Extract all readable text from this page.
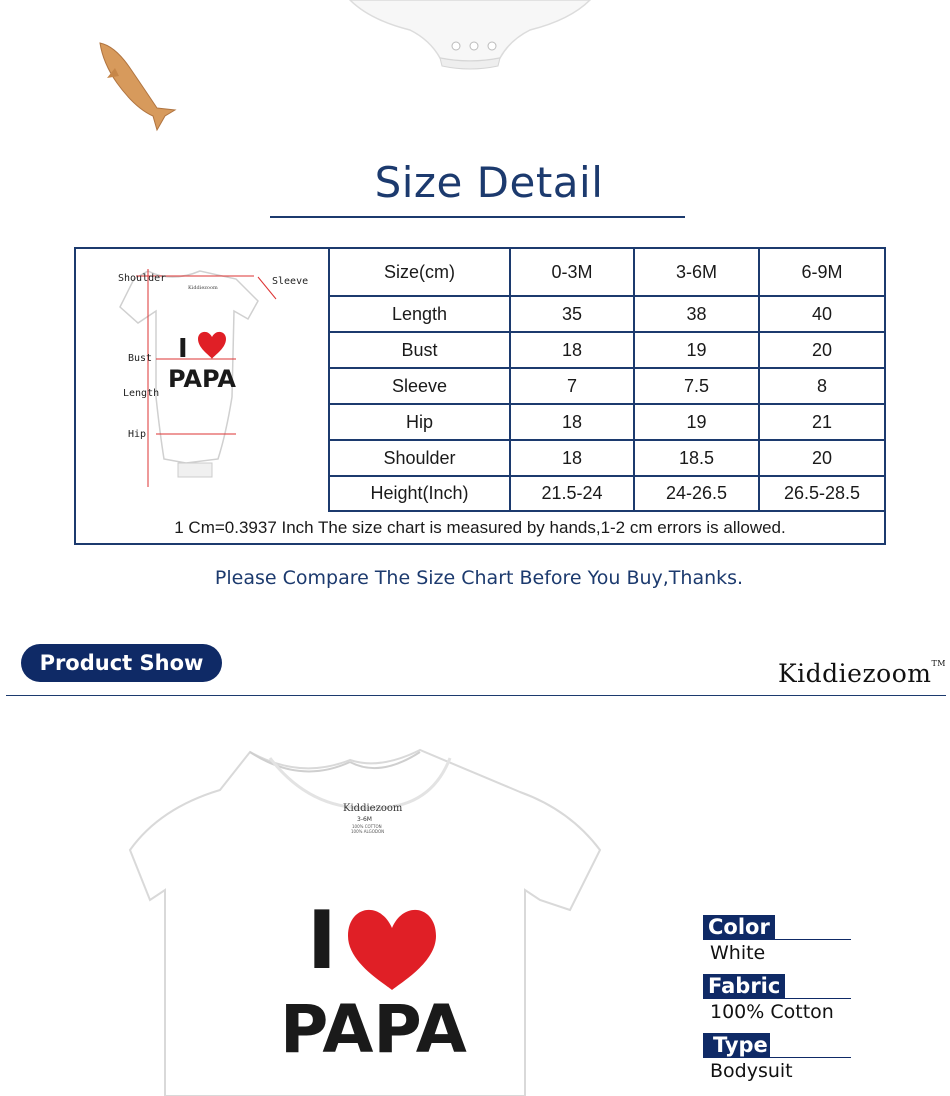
Size Detail
Kiddiezoom
I
PAPA
Shoulder	Sleeve
Bust
Length
Hip
Size(cm)	0-3M	3-6M	6-9M
Length	35	38	40
Bust	18	19	20
Sleeve	7	7.5	8
Hip	18	19	21
Shoulder	18	18.5	20
Height(Inch)	21.5-24	24-26.5	26.5-28.5
1 Cm=0.3937 Inch The size chart is measured by hands,1-2 cm errors is allowed.
Please Compare The Size Chart Before You Buy,Thanks.
Product Show	Kiddiezoom™
Kiddiezoom
3-6M
100% COTTON
100% ALGODON
I
PAPA
Color
White
Fabric
100% Cotton
Type
Bodysuit
